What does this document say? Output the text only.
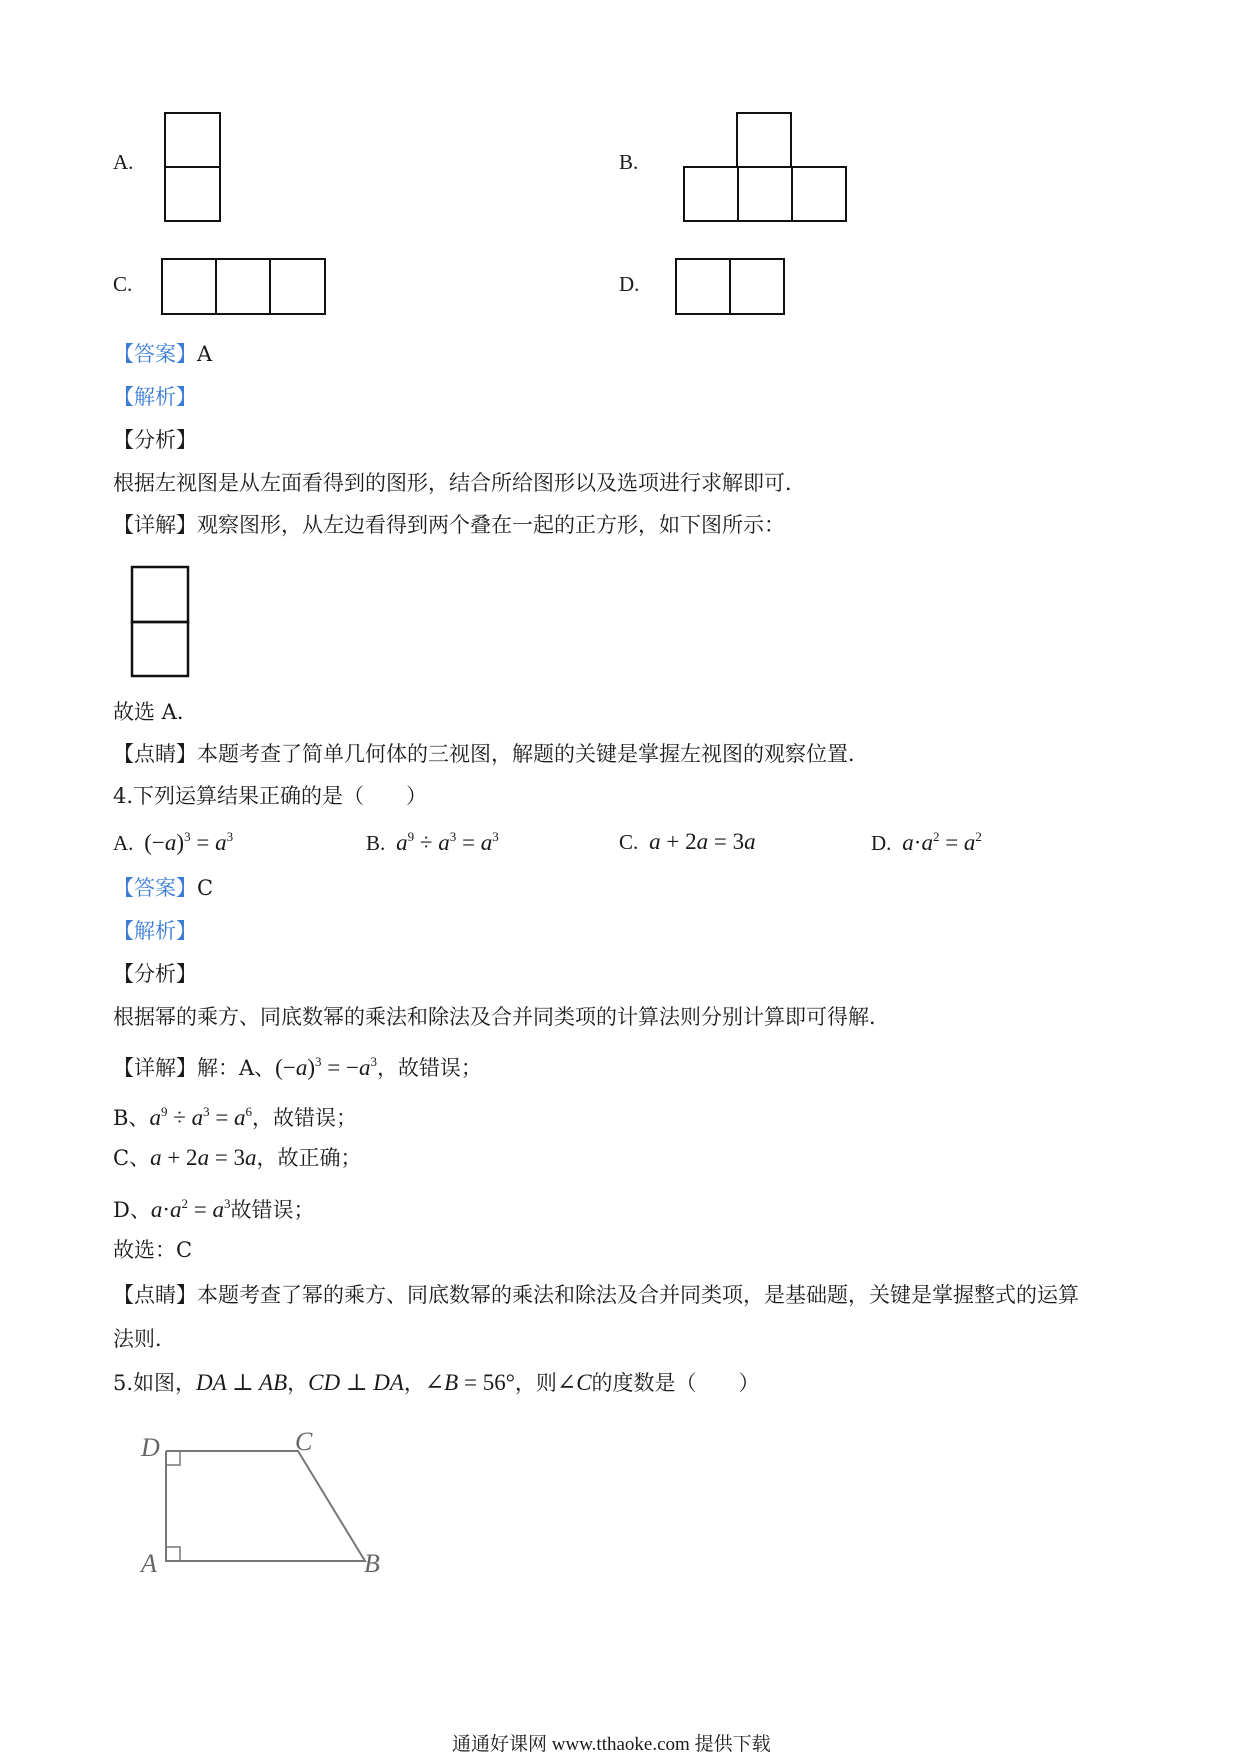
A.	B.
C.	D.
【答案】A
【解析】
【分析】
根据左视图是从左面看得到的图形，结合所给图形以及选项进行求解即可．
【详解】观察图形，从左边看得到两个叠在一起的正方形，如下图所示：
故选 A．
【点睛】本题考查了简单几何体的三视图，解题的关键是掌握左视图的观察位置．
4.下列运算结果正确的是（　　）
A. $(-a)^3 = a^3$	B.  $a^9 \div a^3 = a^3$	C.  a + 2a = 3a	D.  $a\cdot a^2 = a^2$
【答案】C
【解析】
【分析】
根据幂的乘方、同底数幂的乘法和除法及合并同类项的计算法则分别计算即可得解．
【详解】解：A、$(-a)^3 = -a^3$，故错误；
B、$a^9 \div a^3 = a^6$，故错误；
C、a + 2a = 3a，故正确；
D、$a\cdot a^2 = a^3$故错误；
故选：C
【点睛】本题考查了幂的乘方、同底数幂的乘法和除法及合并同类项，是基础题，关键是掌握整式的运算
法则．
5.如图，DA ⊥ AB，CD ⊥ DA，∠B = 56°，则∠C的度数是（　　）
D	C
A	B
通通好课网 www.tthaoke.com 提供下载
